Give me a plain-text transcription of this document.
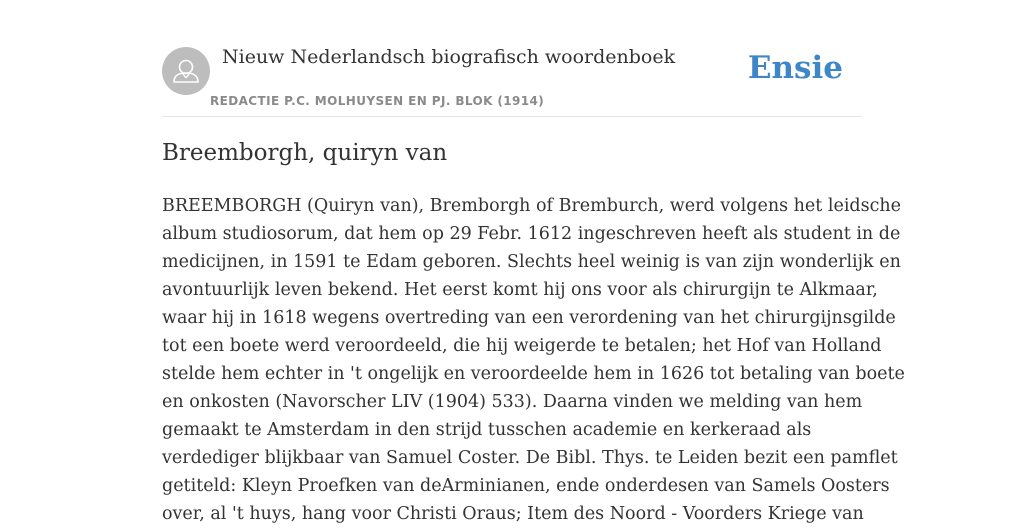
Nieuw Nederlandsch biografisch woordenboek
REDACTIE P.C. MOLHUYSEN EN PJ. BLOK (1914)
Ensie
Breemborgh, quiryn van
BREEMBORGH (Quiryn van), Bremborgh of Bremburch, werd volgens het leidsche
album studiosorum, dat hem op 29 Febr. 1612 ingeschreven heeft als student in de
medicijnen, in 1591 te Edam geboren. Slechts heel weinig is van zijn wonderlijk en
avontuurlijk leven bekend. Het eerst komt hij ons voor als chirurgijn te Alkmaar,
waar hij in 1618 wegens overtreding van een verordening van het chirurgijnsgilde
tot een boete werd veroordeeld, die hij weigerde te betalen; het Hof van Holland
stelde hem echter in 't ongelijk en veroordeelde hem in 1626 tot betaling van boete
en onkosten (Navorscher LIV (1904) 533). Daarna vinden we melding van hem
gemaakt te Amsterdam in den strijd tusschen academie en kerkeraad als
verdediger blijkbaar van Samuel Coster. De Bibl. Thys. te Leiden bezit een pamflet
getiteld: Kleyn Proefken van deArminianen, ende onderdesen van Samels Oosters
over, al 't huys, hang voor Christi Oraus; Item des Noord - Voorders Kriege van
